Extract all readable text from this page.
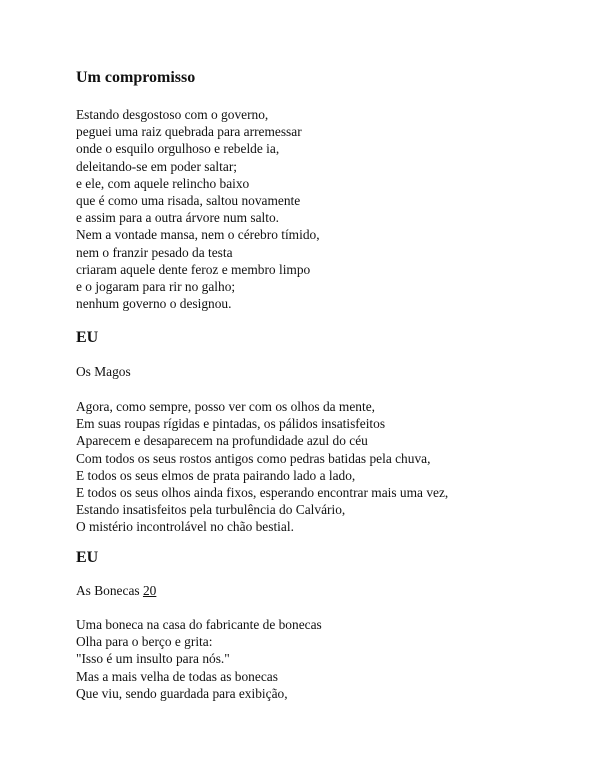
Um compromisso
Estando desgostoso com o governo,
peguei uma raiz quebrada para arremessar
onde o esquilo orgulhoso e rebelde ia,
deleitando-se em poder saltar;
e ele, com aquele relincho baixo
que é como uma risada, saltou novamente
e assim para a outra árvore num salto.
Nem a vontade mansa, nem o cérebro tímido,
nem o franzir pesado da testa
criaram aquele dente feroz e membro limpo
e o jogaram para rir no galho;
nenhum governo o designou.
EU

Os Magos

Agora, como sempre, posso ver com os olhos da mente,
Em suas roupas rígidas e pintadas, os pálidos insatisfeitos
Aparecem e desaparecem na profundidade azul do céu
Com todos os seus rostos antigos como pedras batidas pela chuva,
E todos os seus elmos de prata pairando lado a lado,
E todos os seus olhos ainda fixos, esperando encontrar mais uma vez,
Estando insatisfeitos pela turbulência do Calvário,
O mistério incontrolável no chão bestial.
EU

As Bonecas 20

Uma boneca na casa do fabricante de bonecas
Olha para o berço e grita:
"Isso é um insulto para nós."
Mas a mais velha de todas as bonecas
Que viu, sendo guardada para exibição,
